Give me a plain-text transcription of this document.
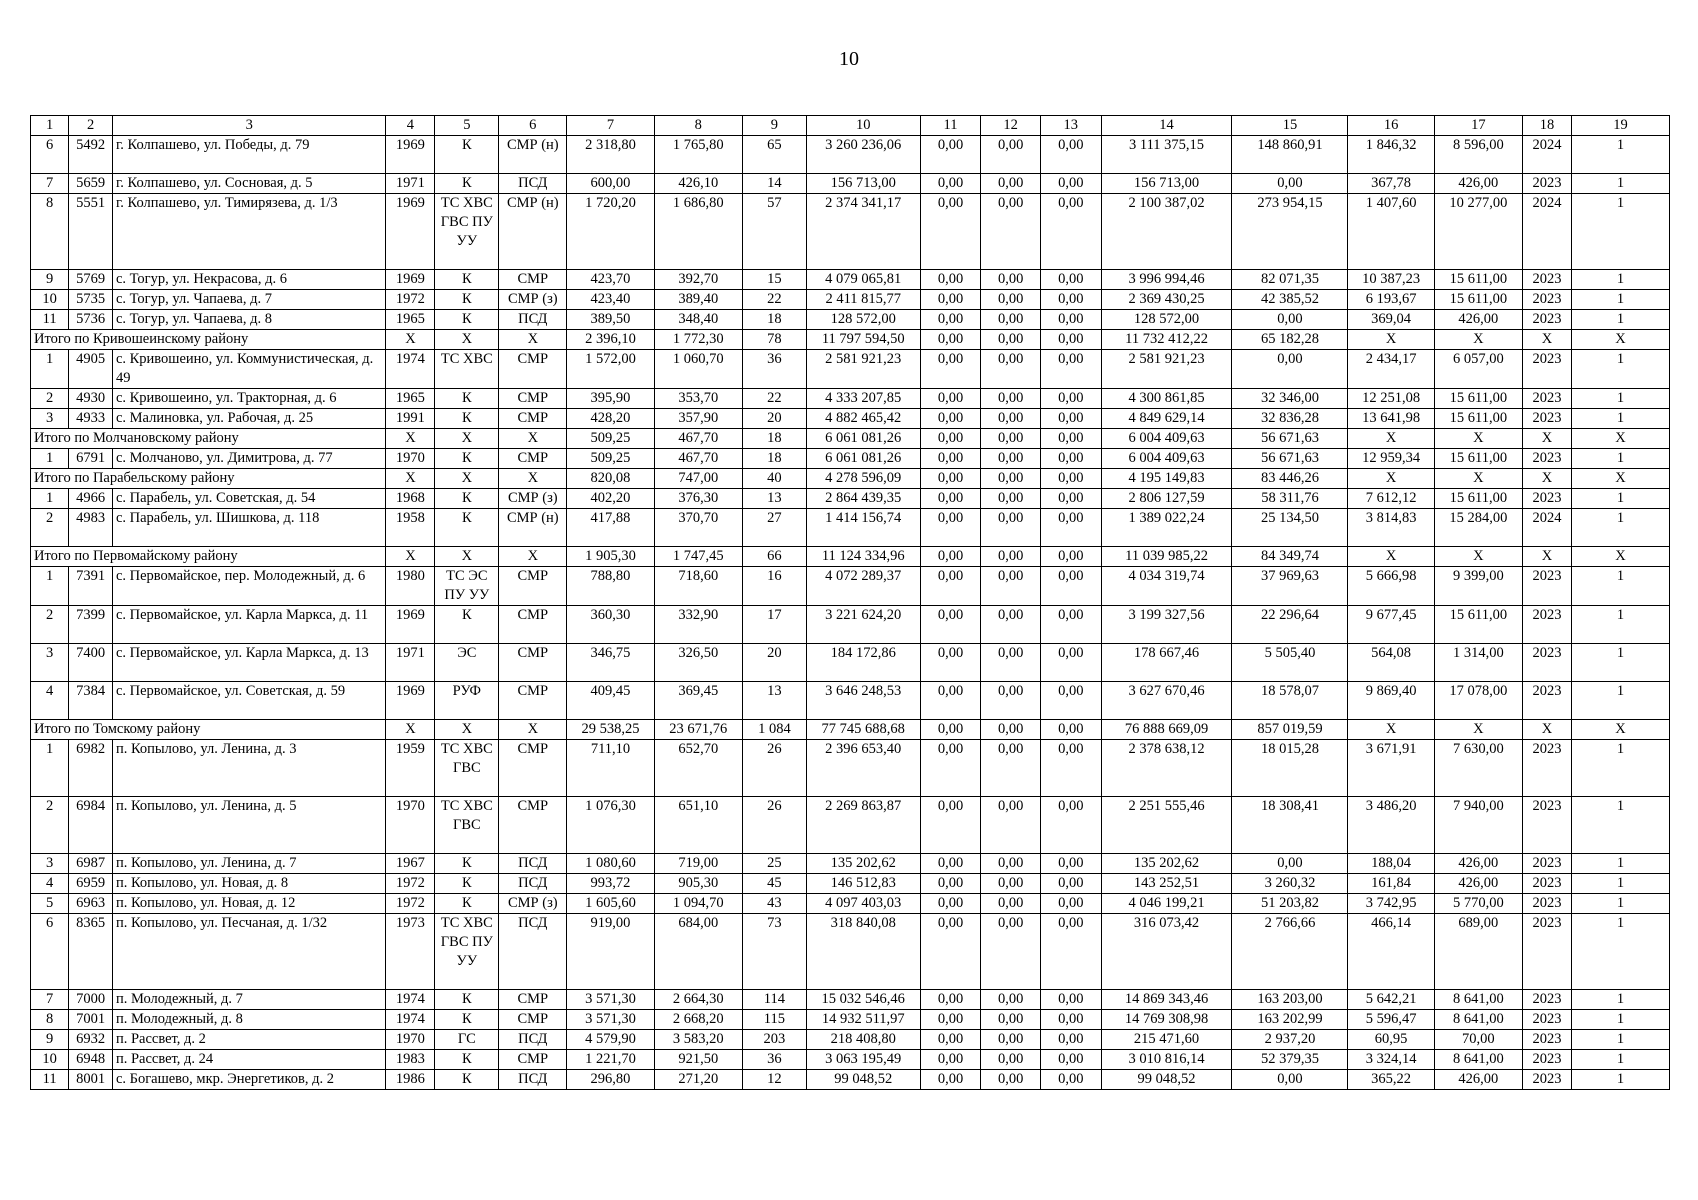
10
1	2	3	4	5	6	7	8	9	10	11	12	13	14	15	16	17	18	19
6	5492	г. Колпашево, ул. Победы, д. 79	1969	К	СМР (н)	2 318,80	1 765,80	65	3 260 236,06	0,00	0,00	0,00	3 111 375,15	148 860,91	1 846,32	8 596,00	2024	1
7	5659	г. Колпашево, ул. Сосновая, д. 5	1971	К	ПСД	600,00	426,10	14	156 713,00	0,00	0,00	0,00	156 713,00	0,00	367,78	426,00	2023	1
8	5551	г. Колпашево, ул. Тимирязева, д. 1/3	1969	ТС ХВС ГВС ПУ УУ	СМР (н)	1 720,20	1 686,80	57	2 374 341,17	0,00	0,00	0,00	2 100 387,02	273 954,15	1 407,60	10 277,00	2024	1
9	5769	с. Тогур, ул. Некрасова, д. 6	1969	К	СМР	423,70	392,70	15	4 079 065,81	0,00	0,00	0,00	3 996 994,46	82 071,35	10 387,23	15 611,00	2023	1
10	5735	с. Тогур, ул. Чапаева, д. 7	1972	К	СМР (з)	423,40	389,40	22	2 411 815,77	0,00	0,00	0,00	2 369 430,25	42 385,52	6 193,67	15 611,00	2023	1
11	5736	с. Тогур, ул. Чапаева, д. 8	1965	К	ПСД	389,50	348,40	18	128 572,00	0,00	0,00	0,00	128 572,00	0,00	369,04	426,00	2023	1
Итого по Кривошеинскому району			Х	Х	Х	2 396,10	1 772,30	78	11 797 594,50	0,00	0,00	0,00	11 732 412,22	65 182,28	Х	Х	Х	Х
1	4905	с. Кривошеино, ул. Коммунистическая, д. 49	1974	ТС ХВС	СМР	1 572,00	1 060,70	36	2 581 921,23	0,00	0,00	0,00	2 581 921,23	0,00	2 434,17	6 057,00	2023	1
2	4930	с. Кривошеино, ул. Тракторная, д. 6	1965	К	СМР	395,90	353,70	22	4 333 207,85	0,00	0,00	0,00	4 300 861,85	32 346,00	12 251,08	15 611,00	2023	1
3	4933	с. Малиновка, ул. Рабочая, д. 25	1991	К	СМР	428,20	357,90	20	4 882 465,42	0,00	0,00	0,00	4 849 629,14	32 836,28	13 641,98	15 611,00	2023	1
Итого по Молчановскому району			Х	Х	Х	509,25	467,70	18	6 061 081,26	0,00	0,00	0,00	6 004 409,63	56 671,63	Х	Х	Х	Х
1	6791	с. Молчаново, ул. Димитрова, д. 77	1970	К	СМР	509,25	467,70	18	6 061 081,26	0,00	0,00	0,00	6 004 409,63	56 671,63	12 959,34	15 611,00	2023	1
Итого по Парабельскому району			Х	Х	Х	820,08	747,00	40	4 278 596,09	0,00	0,00	0,00	4 195 149,83	83 446,26	Х	Х	Х	Х
1	4966	с. Парабель, ул. Советская, д. 54	1968	К	СМР (з)	402,20	376,30	13	2 864 439,35	0,00	0,00	0,00	2 806 127,59	58 311,76	7 612,12	15 611,00	2023	1
2	4983	с. Парабель, ул. Шишкова, д. 118	1958	К	СМР (н)	417,88	370,70	27	1 414 156,74	0,00	0,00	0,00	1 389 022,24	25 134,50	3 814,83	15 284,00	2024	1
Итого по Первомайскому району			Х	Х	Х	1 905,30	1 747,45	66	11 124 334,96	0,00	0,00	0,00	11 039 985,22	84 349,74	Х	Х	Х	Х
1	7391	с. Первомайское, пер. Молодежный, д. 6	1980	ТС ЭС ПУ УУ	СМР	788,80	718,60	16	4 072 289,37	0,00	0,00	0,00	4 034 319,74	37 969,63	5 666,98	9 399,00	2023	1
2	7399	с. Первомайское, ул. Карла Маркса, д. 11	1969	К	СМР	360,30	332,90	17	3 221 624,20	0,00	0,00	0,00	3 199 327,56	22 296,64	9 677,45	15 611,00	2023	1
3	7400	с. Первомайское, ул. Карла Маркса, д. 13	1971	ЭС	СМР	346,75	326,50	20	184 172,86	0,00	0,00	0,00	178 667,46	5 505,40	564,08	1 314,00	2023	1
4	7384	с. Первомайское, ул. Советская, д. 59	1969	РУФ	СМР	409,45	369,45	13	3 646 248,53	0,00	0,00	0,00	3 627 670,46	18 578,07	9 869,40	17 078,00	2023	1
Итого по Томскому району			Х	Х	Х	29 538,25	23 671,76	1 084	77 745 688,68	0,00	0,00	0,00	76 888 669,09	857 019,59	Х	Х	Х	Х
1	6982	п. Копылово, ул. Ленина, д. 3	1959	ТС ХВС ГВС	СМР	711,10	652,70	26	2 396 653,40	0,00	0,00	0,00	2 378 638,12	18 015,28	3 671,91	7 630,00	2023	1
2	6984	п. Копылово, ул. Ленина, д. 5	1970	ТС ХВС ГВС	СМР	1 076,30	651,10	26	2 269 863,87	0,00	0,00	0,00	2 251 555,46	18 308,41	3 486,20	7 940,00	2023	1
3	6987	п. Копылово, ул. Ленина, д. 7	1967	К	ПСД	1 080,60	719,00	25	135 202,62	0,00	0,00	0,00	135 202,62	0,00	188,04	426,00	2023	1
4	6959	п. Копылово, ул. Новая, д. 8	1972	К	ПСД	993,72	905,30	45	146 512,83	0,00	0,00	0,00	143 252,51	3 260,32	161,84	426,00	2023	1
5	6963	п. Копылово, ул. Новая, д. 12	1972	К	СМР (з)	1 605,60	1 094,70	43	4 097 403,03	0,00	0,00	0,00	4 046 199,21	51 203,82	3 742,95	5 770,00	2023	1
6	8365	п. Копылово, ул. Песчаная, д. 1/32	1973	ТС ХВС ГВС ПУ УУ	ПСД	919,00	684,00	73	318 840,08	0,00	0,00	0,00	316 073,42	2 766,66	466,14	689,00	2023	1
7	7000	п. Молодежный, д. 7	1974	К	СМР	3 571,30	2 664,30	114	15 032 546,46	0,00	0,00	0,00	14 869 343,46	163 203,00	5 642,21	8 641,00	2023	1
8	7001	п. Молодежный, д. 8	1974	К	СМР	3 571,30	2 668,20	115	14 932 511,97	0,00	0,00	0,00	14 769 308,98	163 202,99	5 596,47	8 641,00	2023	1
9	6932	п. Рассвет, д. 2	1970	ГС	ПСД	4 579,90	3 583,20	203	218 408,80	0,00	0,00	0,00	215 471,60	2 937,20	60,95	70,00	2023	1
10	6948	п. Рассвет, д. 24	1983	К	СМР	1 221,70	921,50	36	3 063 195,49	0,00	0,00	0,00	3 010 816,14	52 379,35	3 324,14	8 641,00	2023	1
11	8001	с. Богашево, мкр. Энергетиков, д. 2	1986	К	ПСД	296,80	271,20	12	99 048,52	0,00	0,00	0,00	99 048,52	0,00	365,22	426,00	2023	1
